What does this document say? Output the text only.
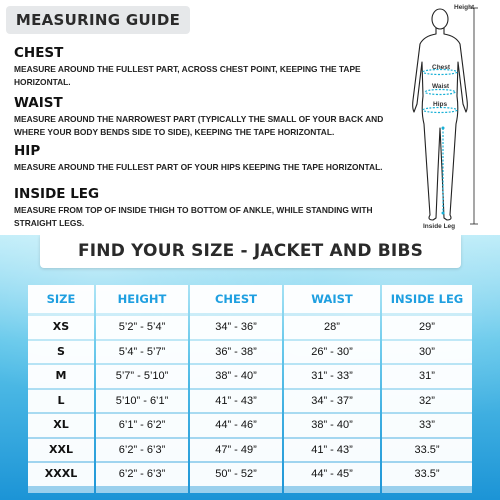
MEASURING GUIDE
CHEST
MEASURE AROUND THE FULLEST PART, ACROSS CHEST POINT, KEEPING THE TAPE HORIZONTAL.
WAIST
MEASURE AROUND THE NARROWEST PART (TYPICALLY THE SMALL OF YOUR BACK AND WHERE YOUR BODY BENDS SIDE TO SIDE), KEEPING THE TAPE HORIZONTAL.
HIP
MEASURE AROUND THE FULLEST PART OF YOUR HIPS KEEPING THE TAPE HORIZONTAL.
INSIDE LEG
MEASURE FROM TOP OF INSIDE THIGH TO BOTTOM OF ANKLE, WHILE STANDING WITH STRAIGHT LEGS.
Height
Chest
Waist
Hips
Inside Leg
FIND YOUR SIZE - JACKET AND BIBS
SIZE
XS
S
M
L
XL
XXL
XXXL
HEIGHT
5’2” - 5’4”
5’4” - 5’7”
5’7” - 5’10”
5’10” - 6’1”
6’1” - 6’2”
6’2” - 6’3”
6’2” - 6’3”
CHEST
34” - 36”
36” - 38”
38” - 40”
41” - 43”
44” - 46”
47” - 49”
50” - 52”
WAIST
28”
26” - 30”
31” - 33”
34” - 37”
38” - 40”
41” - 43”
44” - 45”
INSIDE LEG
29”
30”
31”
32”
33”
33.5”
33.5”
